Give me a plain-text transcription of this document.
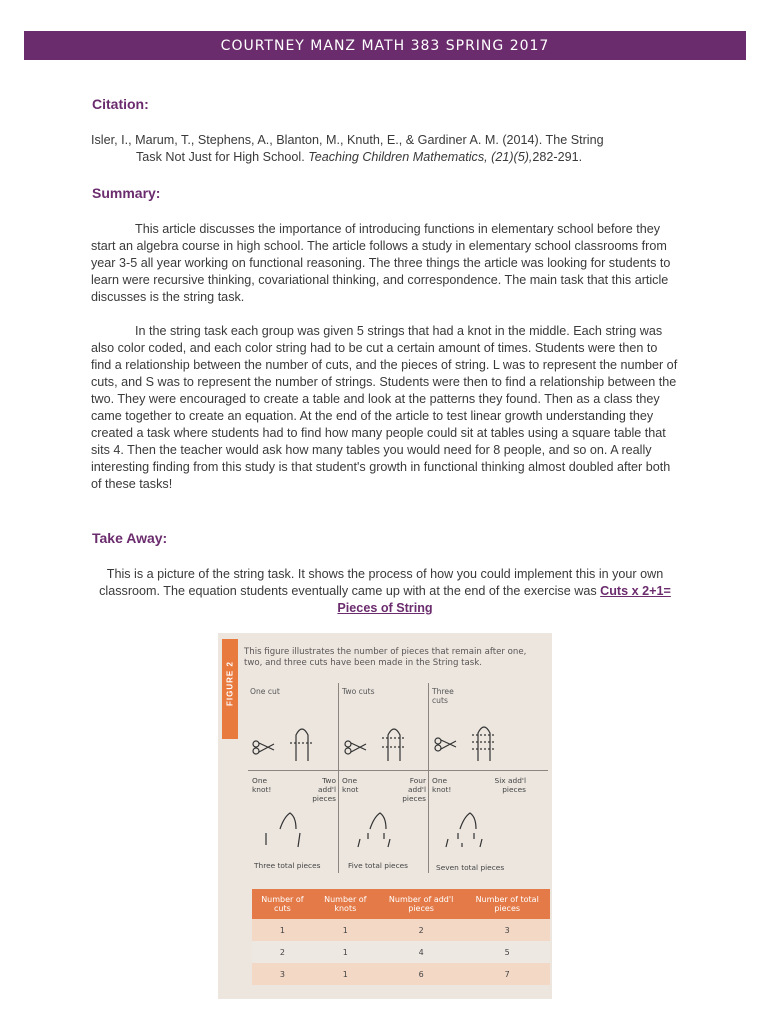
COURTNEY MANZ MATH 383 SPRING 2017
Citation:
Isler, I., Marum, T., Stephens, A., Blanton, M., Knuth, E., & Gardiner A. M. (2014). The String
Task Not Just for High School. Teaching Children Mathematics, (21)(5),282-291.
Summary:
This article discusses the importance of introducing functions in elementary school before they start an algebra course in high school. The article follows a study in elementary school classrooms from year 3-5 all year working on functional reasoning. The three things the article was looking for students to learn were recursive thinking, covariational thinking, and correspondence. The main task that this article discusses is the string task.
In the string task each group was given 5 strings that had a knot in the middle. Each string was also color coded, and each color string had to be cut a certain amount of times. Students were then to find a relationship between the number of cuts, and the pieces of string. L was to represent the number of cuts, and S was to represent the number of strings. Students were then to find a relationship between the two. They were encouraged to create a table and look at the patterns they found. Then as a class they came together to create an equation. At the end of the article to test linear growth understanding they created a task where students had to find how many people could sit at tables using a square table that sits 4. Then the teacher would ask how many tables you would need for 8 people, and so on. A really interesting finding from this study is that student's growth in functional thinking almost doubled after both of these tasks!
Take Away:
This is a picture of the string task. It shows the process of how you could implement this in your own classroom. The equation students eventually came up with at the end of the exercise was Cuts x 2+1= Pieces of String
FIGURE 2
This figure illustrates the number of pieces that remain after one, two, and three cuts have been made in the String task.
One cut	Two cuts	Three cuts
One knot!
Two add'l pieces
One knot
Four add'l pieces
One knot!
Six add'l pieces
Three total pieces	Five total pieces	Seven total pieces
Number of cuts	Number of knots	Number of add'l pieces	Number of total pieces
1	1	2	3
2	1	4	5
3	1	6	7
